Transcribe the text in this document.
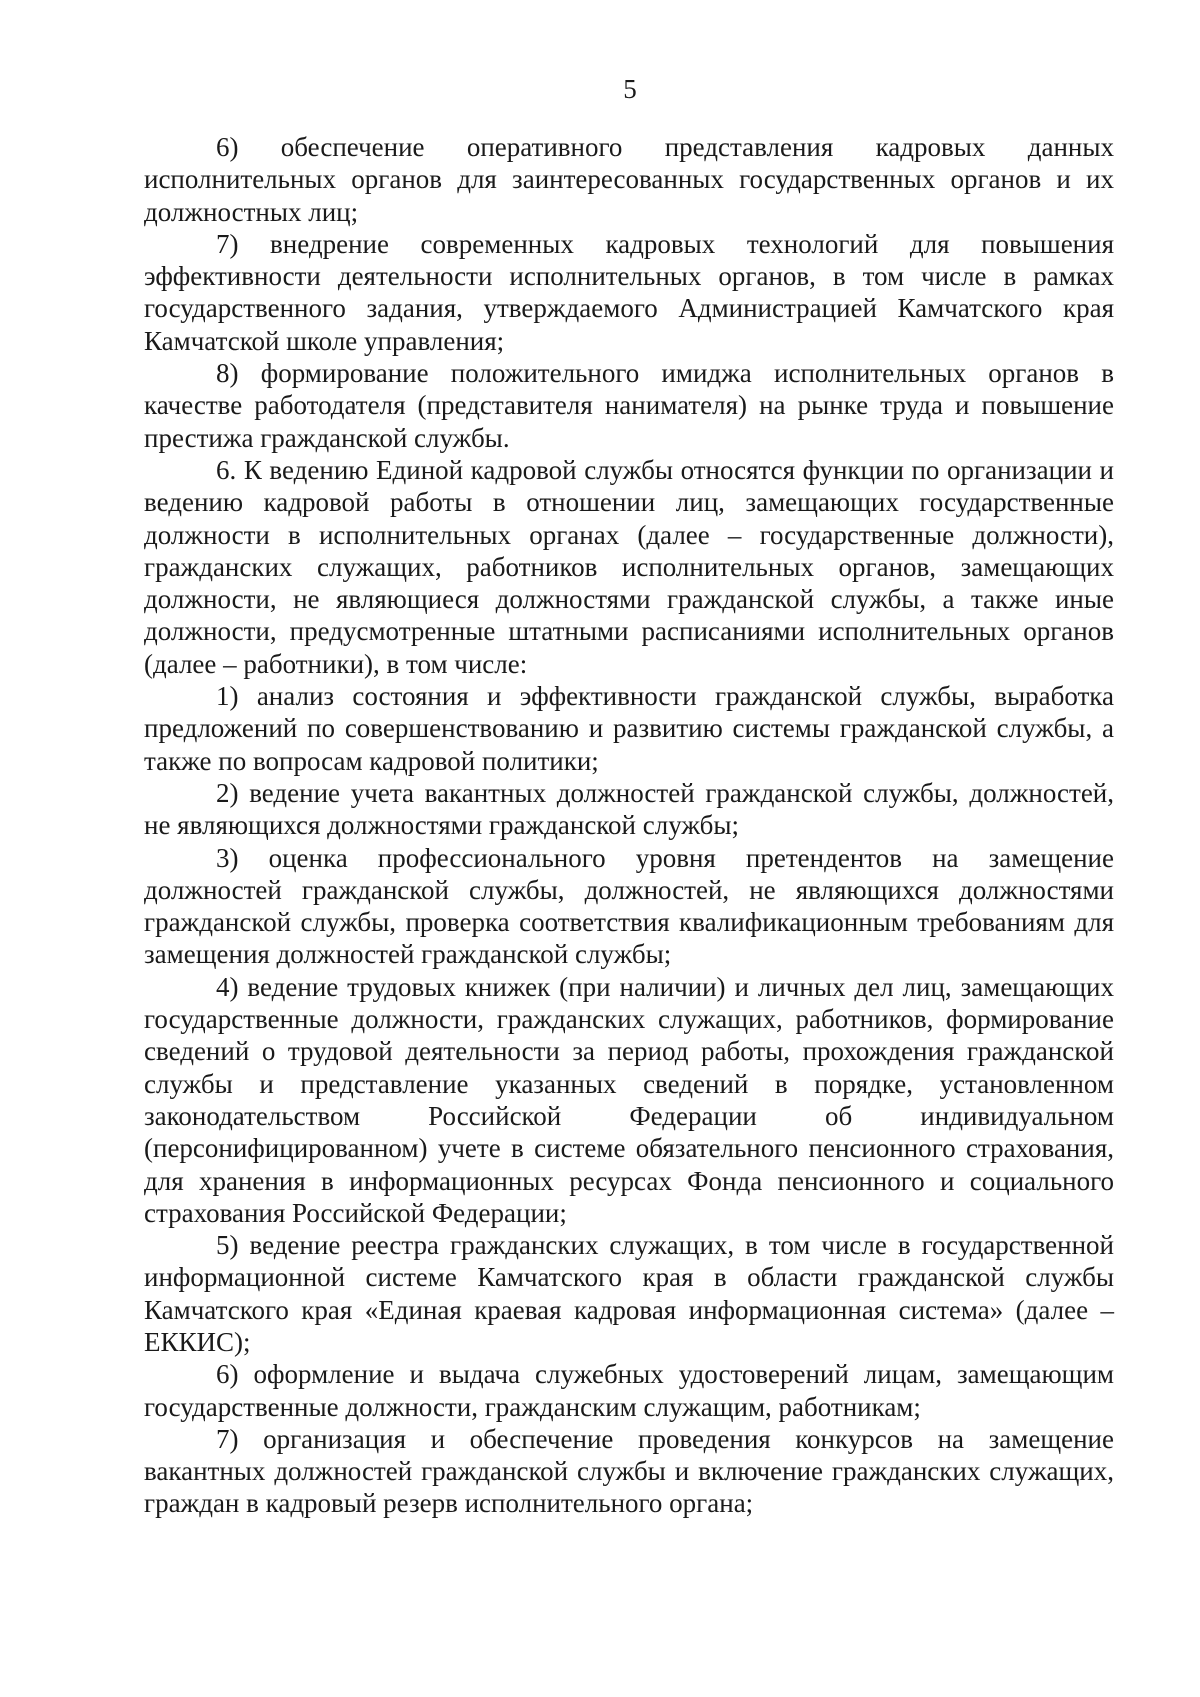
5

6) обеспечение оперативного представления кадровых данных исполнительных органов для заинтересованных государственных органов и их должностных лиц;

7) внедрение современных кадровых технологий для повышения эффективности деятельности исполнительных органов, в том числе в рамках государственного задания, утверждаемого Администрацией Камчатского края Камчатской школе управления;

8) формирование положительного имиджа исполнительных органов в качестве работодателя (представителя нанимателя) на рынке труда и повышение престижа гражданской службы.

6. К ведению Единой кадровой службы относятся функции по организации и ведению кадровой работы в отношении лиц, замещающих государственные должности в исполнительных органах (далее – государственные должности), гражданских служащих, работников исполнительных органов, замещающих должности, не являющиеся должностями гражданской службы, а также иные должности, предусмотренные штатными расписаниями исполнительных органов (далее – работники), в том числе:

1) анализ состояния и эффективности гражданской службы, выработка предложений по совершенствованию и развитию системы гражданской службы, а также по вопросам кадровой политики;

2) ведение учета вакантных должностей гражданской службы, должностей, не являющихся должностями гражданской службы;

3) оценка профессионального уровня претендентов на замещение должностей гражданской службы, должностей, не являющихся должностями гражданской службы, проверка соответствия квалификационным требованиям для замещения должностей гражданской службы;

4) ведение трудовых книжек (при наличии) и личных дел лиц, замещающих государственные должности, гражданских служащих, работников, формирование сведений о трудовой деятельности за период работы, прохождения гражданской службы и представление указанных сведений в порядке, установленном законодательством Российской Федерации об индивидуальном (персонифицированном) учете в системе обязательного пенсионного страхования, для хранения в информационных ресурсах Фонда пенсионного и социального страхования Российской Федерации;

5) ведение реестра гражданских служащих, в том числе в государственной информационной системе Камчатского края в области гражданской службы Камчатского края «Единая краевая кадровая информационная система» (далее – ЕККИС);

6) оформление и выдача служебных удостоверений лицам, замещающим государственные должности, гражданским служащим, работникам;

7) организация и обеспечение проведения конкурсов на замещение вакантных должностей гражданской службы и включение гражданских служащих, граждан в кадровый резерв исполнительного органа;
